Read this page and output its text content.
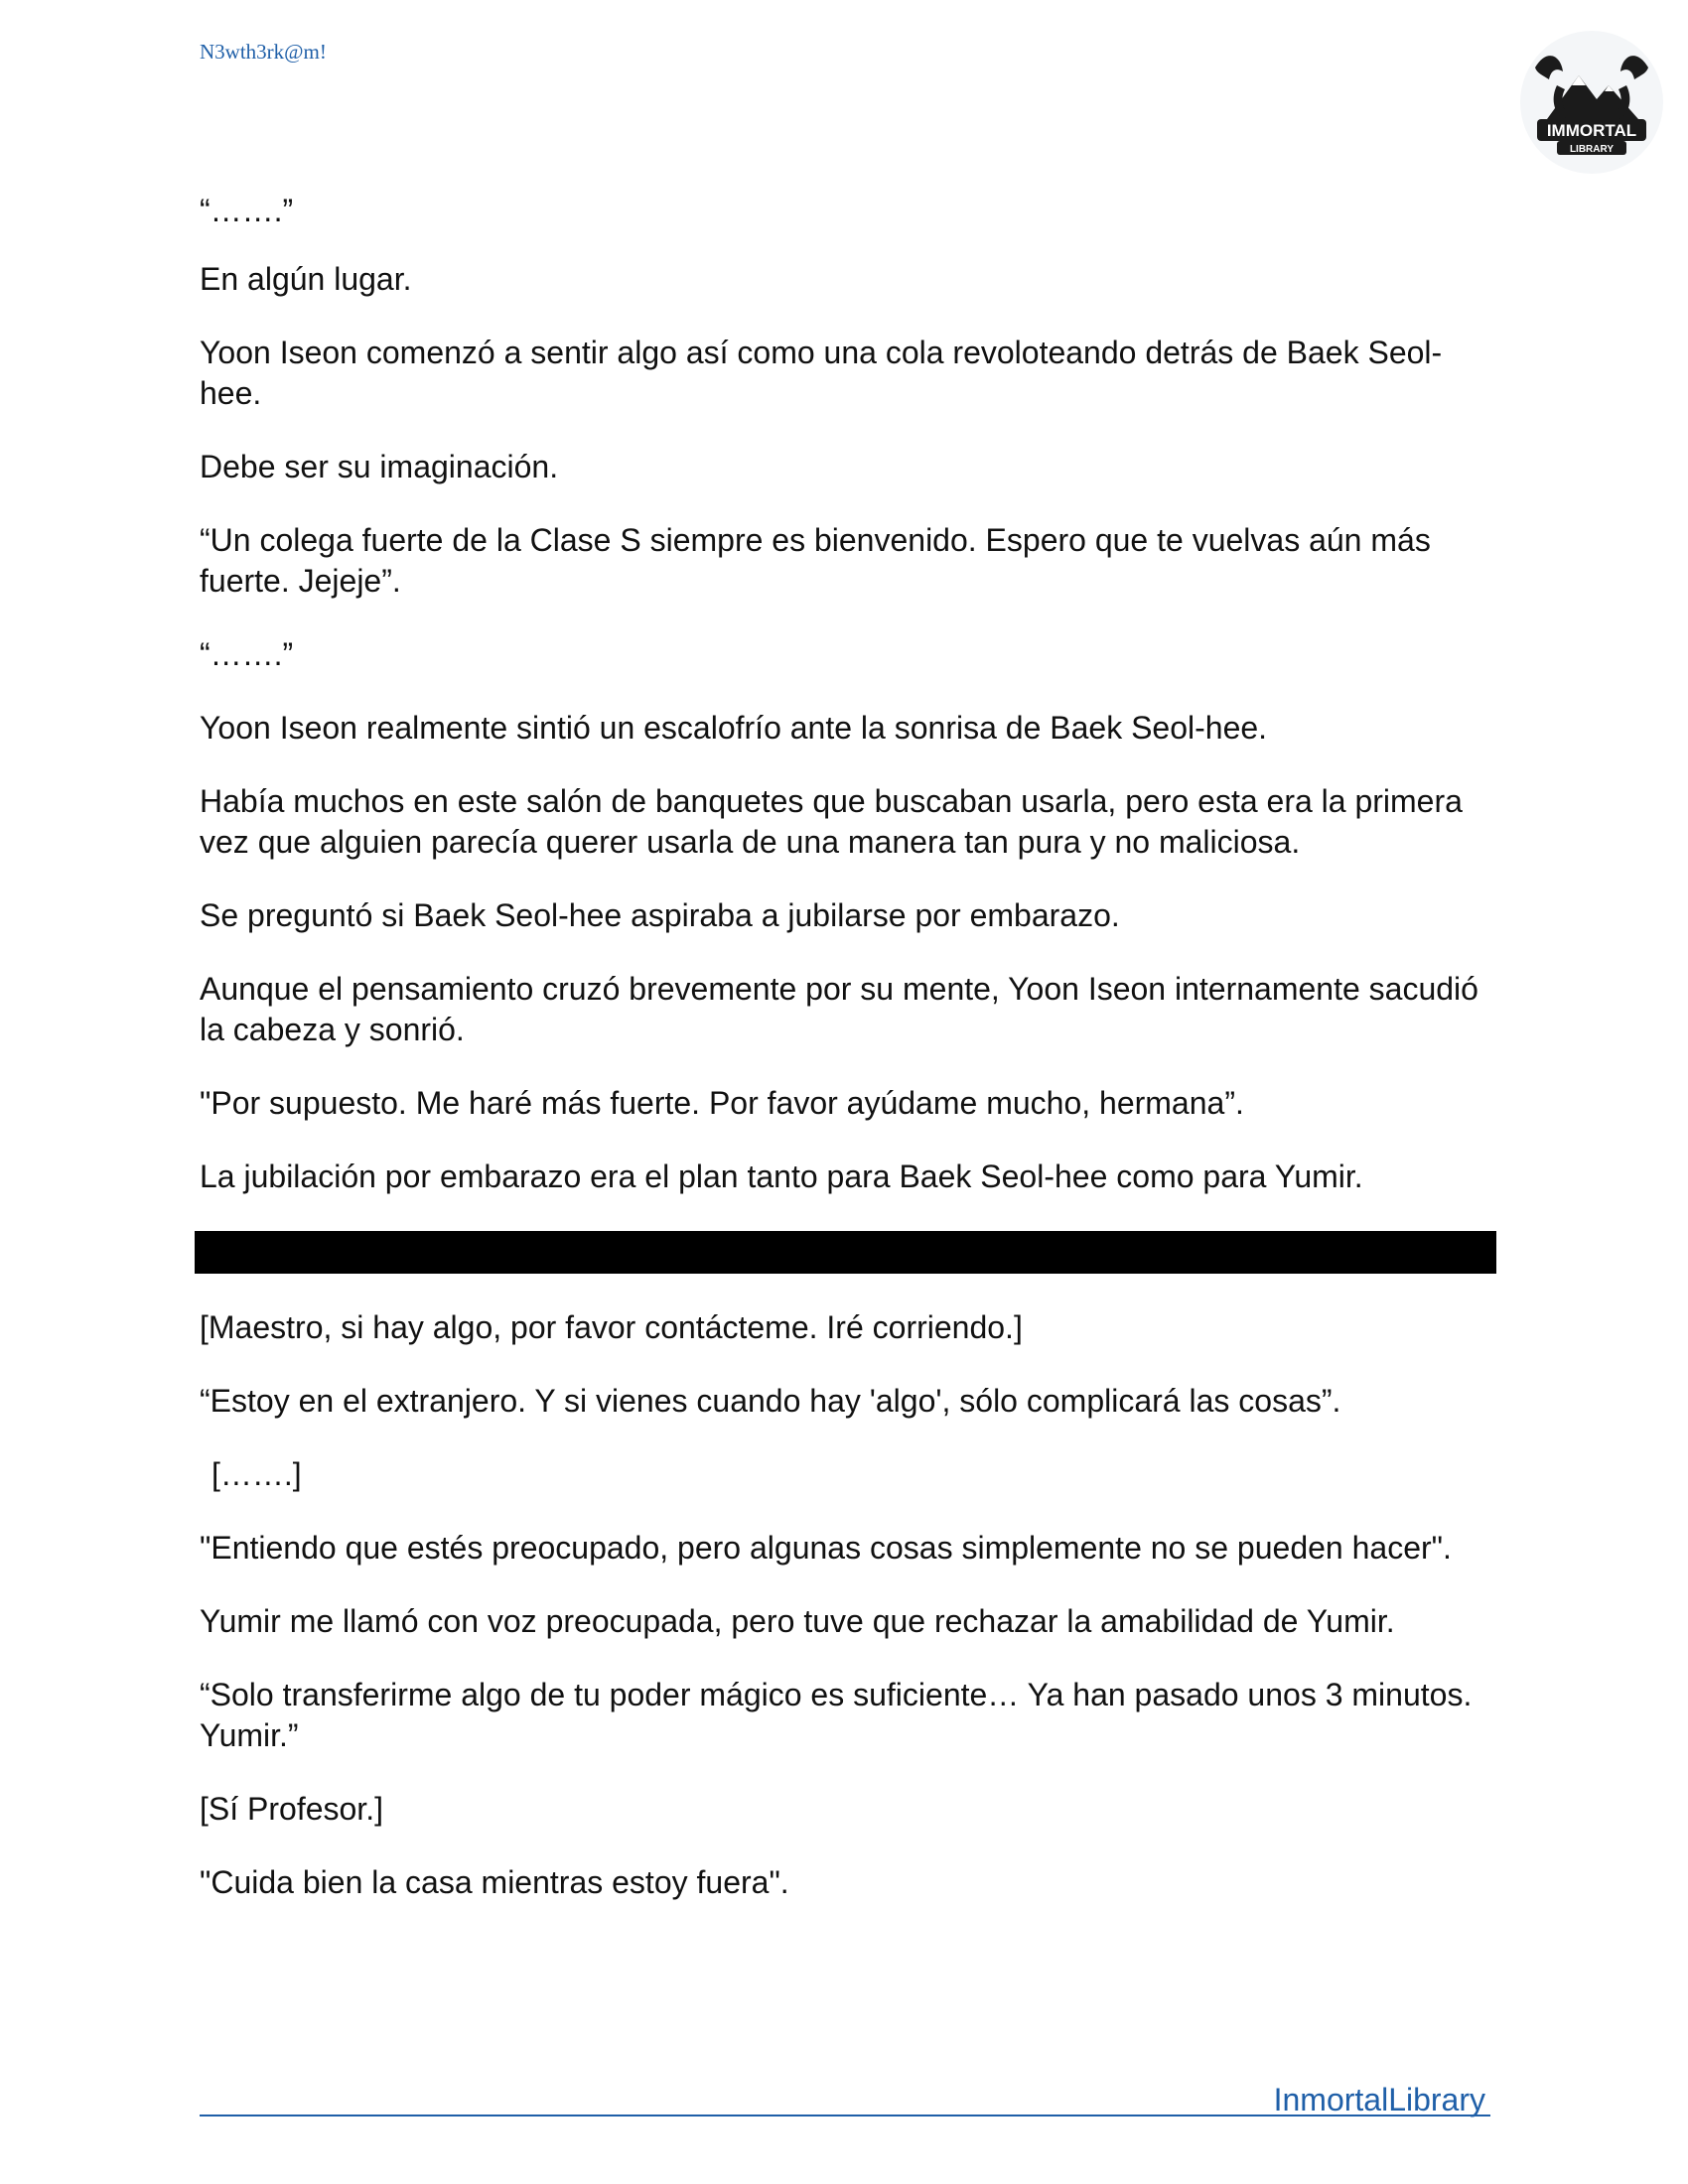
N3wth3rk@m!
IMMORTAL
LIBRARY

“…….”

En algún lugar.

Yoon Iseon comenzó a sentir algo así como una cola revoloteando detrás de Baek Seol-hee.

Debe ser su imaginación.

“Un colega fuerte de la Clase S siempre es bienvenido. Espero que te vuelvas aún más fuerte. Jejeje”.

“…….”

Yoon Iseon realmente sintió un escalofrío ante la sonrisa de Baek Seol-hee.

Había muchos en este salón de banquetes que buscaban usarla, pero esta era la primera vez que alguien parecía querer usarla de una manera tan pura y no maliciosa.

Se preguntó si Baek Seol-hee aspiraba a jubilarse por embarazo.

Aunque el pensamiento cruzó brevemente por su mente, Yoon Iseon internamente sacudió la cabeza y sonrió.

"Por supuesto. Me haré más fuerte. Por favor ayúdame mucho, hermana”.

La jubilación por embarazo era el plan tanto para Baek Seol-hee como para Yumir.

[Maestro, si hay algo, por favor contácteme. Iré corriendo.]

“Estoy en el extranjero. Y si vienes cuando hay 'algo', sólo complicará las cosas”.

[…….]

"Entiendo que estés preocupado, pero algunas cosas simplemente no se pueden hacer".

Yumir me llamó con voz preocupada, pero tuve que rechazar la amabilidad de Yumir.

“Solo transferirme algo de tu poder mágico es suficiente… Ya han pasado unos 3 minutos. Yumir.”

[Sí Profesor.]

"Cuida bien la casa mientras estoy fuera".

InmortalLibrary
